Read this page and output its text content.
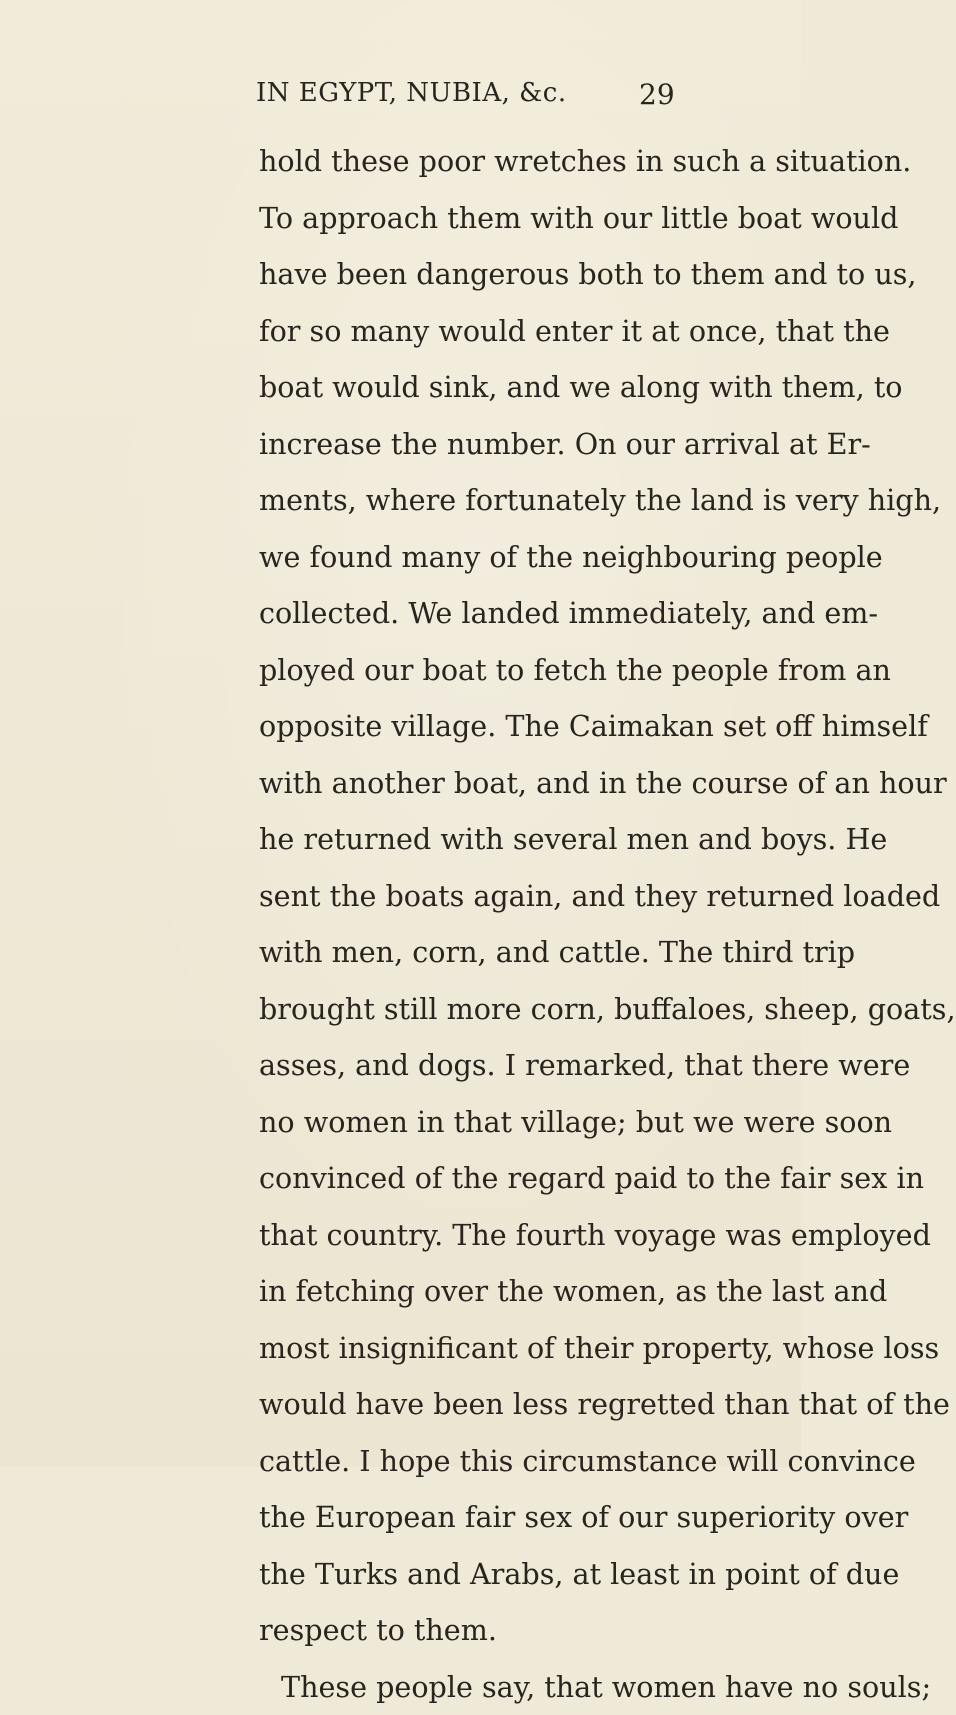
IN EGYPT, NUBIA, &c.	29
hold these poor wretches in such a situation.
To approach them with our little boat would
have been dangerous both to them and to us,
for so many would enter it at once, that the
boat would sink, and we along with them, to
increase the number. On our arrival at Er-
ments, where fortunately the land is very high,
we found many of the neighbouring people
collected. We landed immediately, and em-
ployed our boat to fetch the people from an
opposite village. The Caimakan set off himself
with another boat, and in the course of an hour
he returned with several men and boys. He
sent the boats again, and they returned loaded
with men, corn, and cattle. The third trip
brought still more corn, buffaloes, sheep, goats,
asses, and dogs. I remarked, that there were
no women in that village; but we were soon
convinced of the regard paid to the fair sex in
that country. The fourth voyage was employed
in fetching over the women, as the last and
most insignificant of their property, whose loss
would have been less regretted than that of the
cattle. I hope this circumstance will convince
the European fair sex of our superiority over
the Turks and Arabs, at least in point of due
respect to them.
These people say, that women have no souls;
